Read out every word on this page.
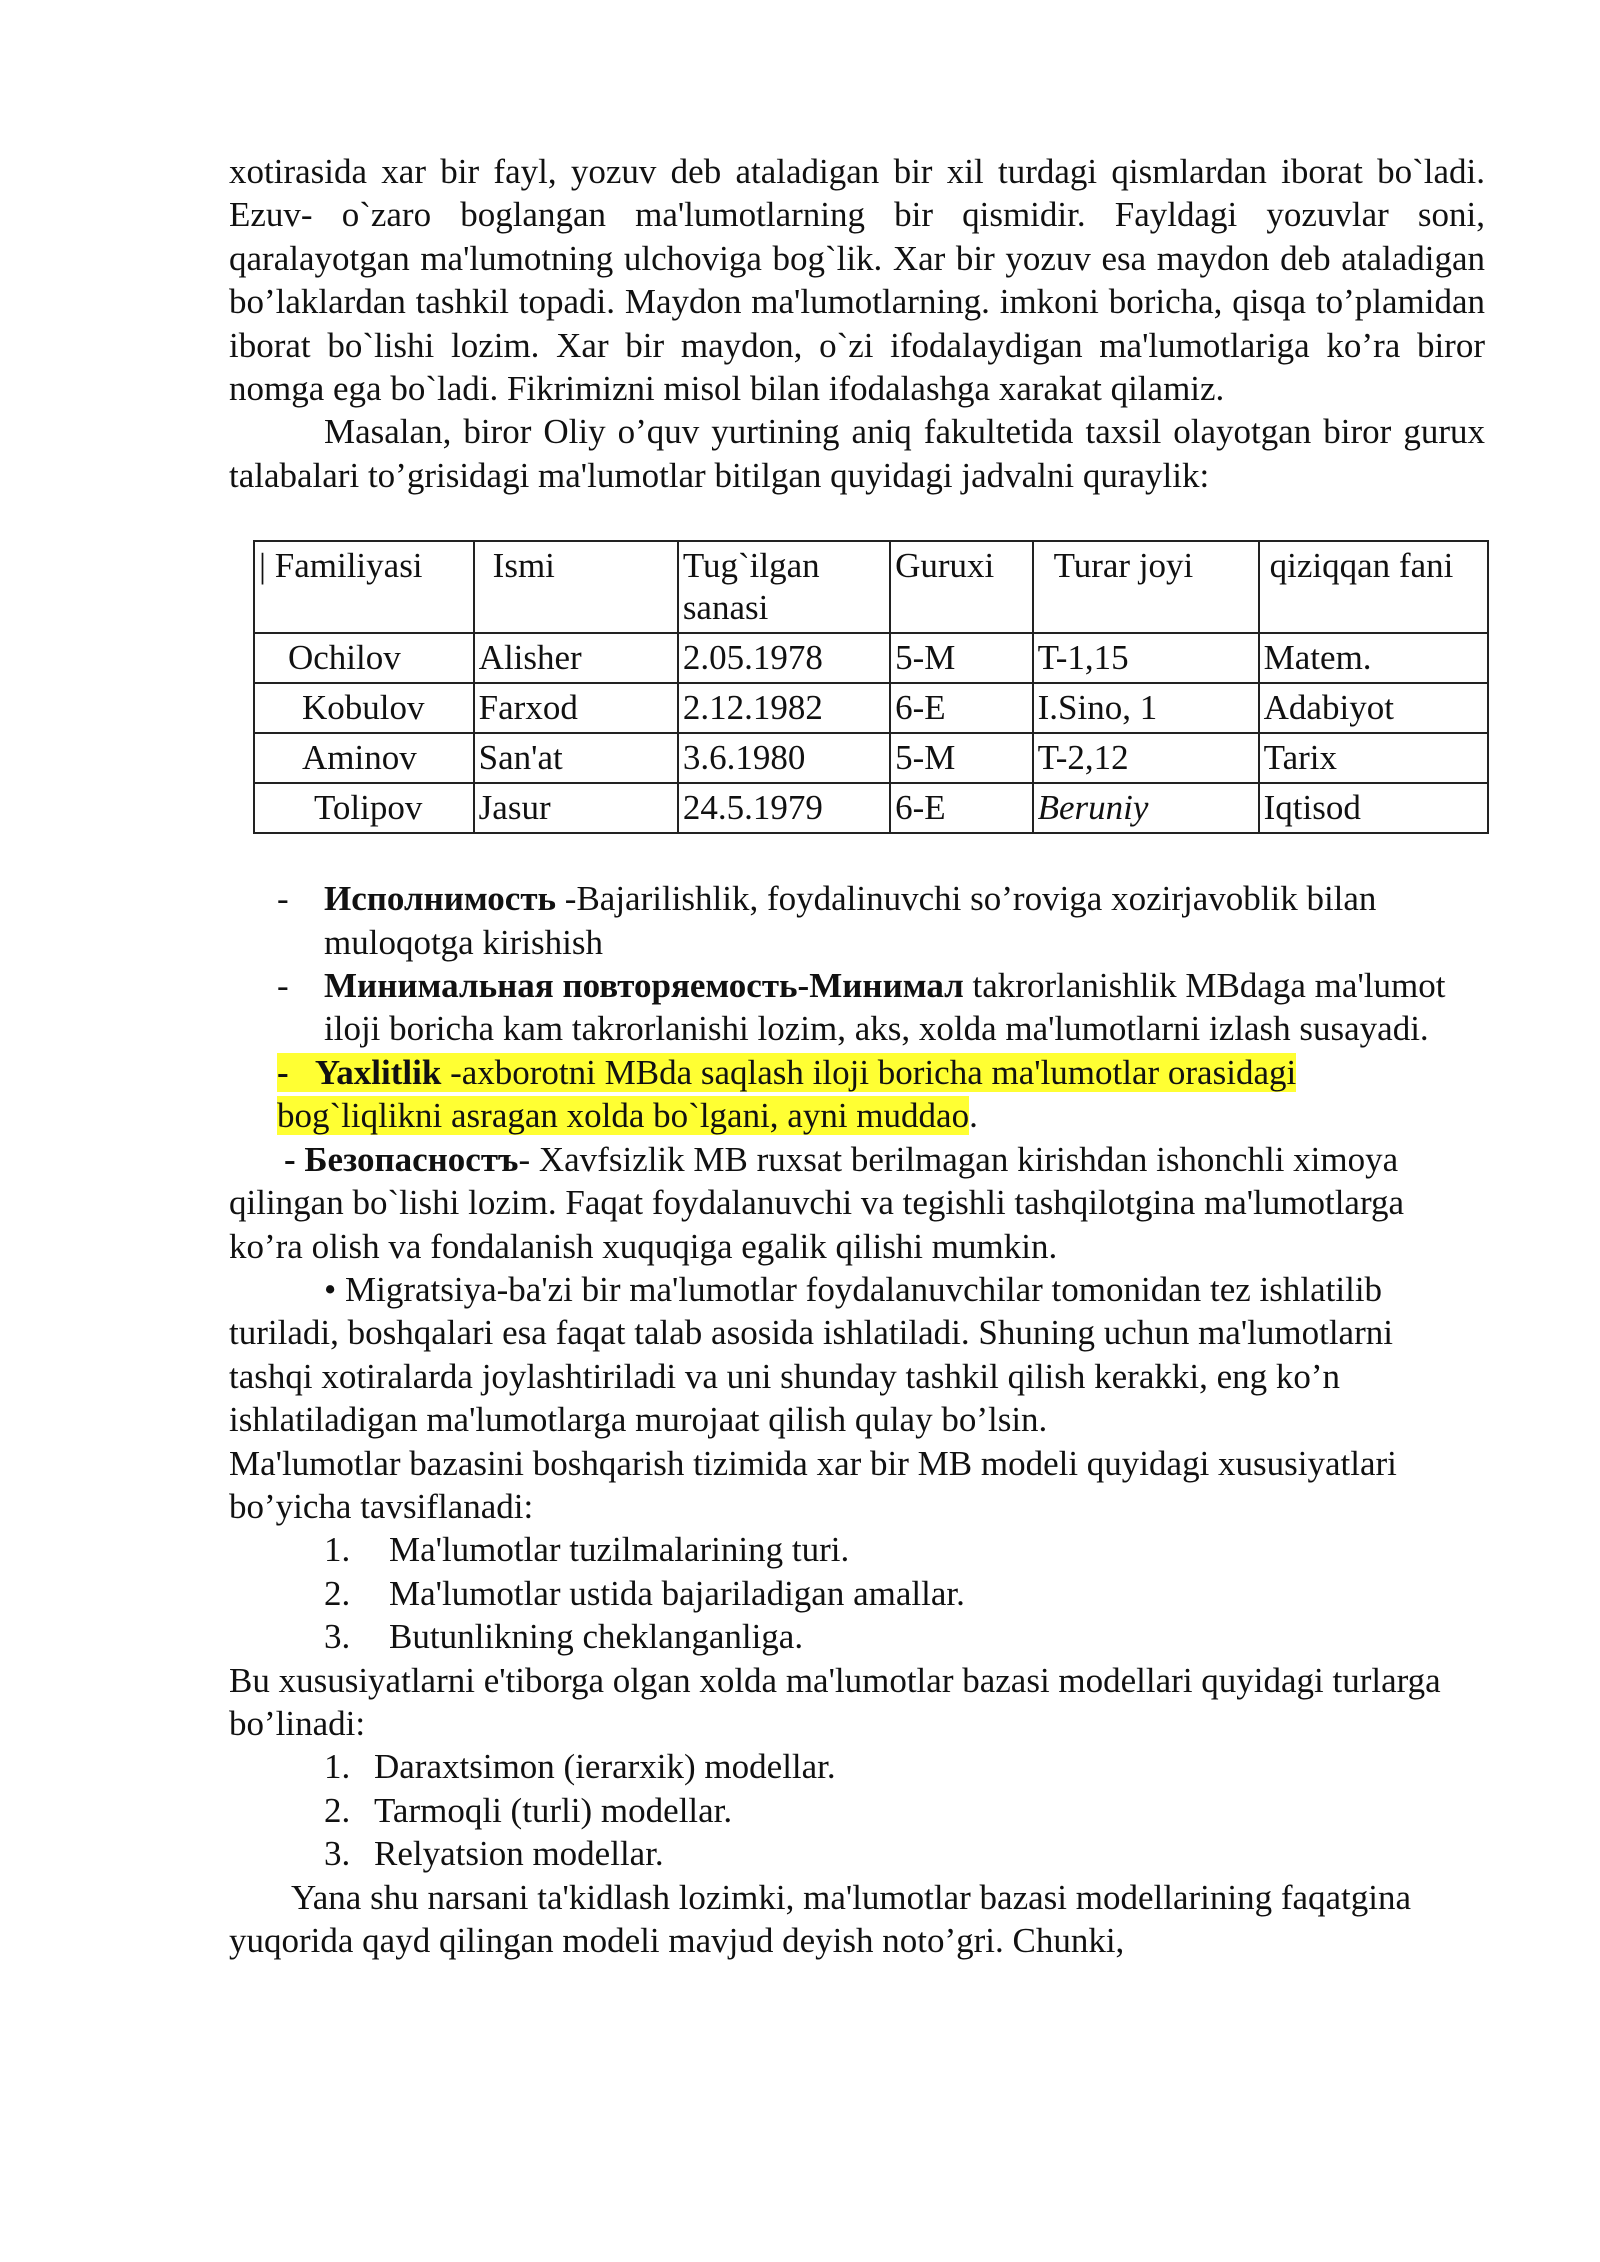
xotirasida xar bir fayl, yozuv deb ataladigan bir xil turdagi qismlardan iborat bo`ladi. Ezuv- o`zaro boglangan ma'lumotlarning bir qismidir. Fayldagi yozuvlar soni, qaralayotgan ma'lumotning ulchoviga bog`lik. Xar bir yozuv esa maydon deb ataladigan bo’laklardan tashkil topadi. Maydon ma'lumotlarning. imkoni boricha, qisqa to’plamidan iborat bo`lishi lozim. Xar bir maydon, o`zi ifodalaydigan ma'lumotlariga ko’ra biror nomga ega bo`ladi. Fikrimizni misol bilan ifodalashga xarakat qilamiz.

Masalan, biror Oliy o’quv yurtining aniq fakultetida taxsil olayotgan biror gurux talabalari to’grisidagi ma'lumotlar bitilgan quyidagi jadvalni quraylik:

| Familiyasi	Ismi	Tug`ilgan sanasi	Guruxi	Turar joyi	qiziqqan fani
Ochilov	Alisher	2.05.1978	5-M	T-1,15	Matem.
Kobulov	Farxod	2.12.1982	6-E	I.Sino, 1	Adabiyot
Aminov	San'at	3.6.1980	5-M	T-2,12	Tarix
Tolipov	Jasur	24.5.1979	6-E	Beruniy	Iqtisod
- Исполнимость -Bajarilishlik, foydalinuvchi so’roviga xozirjavoblik bilan muloqotga kirishish
- Минимальная повторяемость-Минимал takrorlanishlik MBdaga ma'lumot iloji boricha kam takrorlanishi lozim, aks, xolda ma'lumotlarni izlash susayadi.
- Yaxlitlik -axborotni MBda saqlash iloji boricha ma'lumotlar orasidagi bog`liqlikni asragan xolda bo`lgani, ayni muddao.
- Безопасностъ- Xavfsizlik MB ruxsat berilmagan kirishdan ishonchli ximoya qilingan bo`lishi lozim. Faqat foydalanuvchi va tegishli tashqilotgina ma'lumotlarga ko’ra olish va fondalanish xuquqiga egalik qilishi mumkin.

• Migratsiya-ba'zi bir ma'lumotlar foydalanuvchilar tomonidan tez ishlatilib turiladi, boshqalari esa faqat talab asosida ishlatiladi. Shuning uchun ma'lumotlarni tashqi xotiralarda joylashtiriladi va uni shunday tashkil qilish kerakki, eng ko’n ishlatiladigan ma'lumotlarga murojaat qilish qulay bo’lsin.

Ma'lumotlar bazasini boshqarish tizimida xar bir MB modeli quyidagi xususiyatlari bo’yicha tavsiflanadi:

1. Ma'lumotlar tuzilmalarining turi.
2. Ma'lumotlar ustida bajariladigan amallar.
3. Butunlikning cheklanganliga.

Bu xususiyatlarni e'tiborga olgan xolda ma'lumotlar bazasi modellari quyidagi turlarga bo’linadi:

1. Daraxtsimon (ierarxik) modellar.
2. Tarmoqli (turli) modellar.
3. Relyatsion modellar.

Yana shu narsani ta'kidlash lozimki, ma'lumotlar bazasi modellarining faqatgina yuqorida qayd qilingan modeli mavjud deyish noto’gri. Chunki,
